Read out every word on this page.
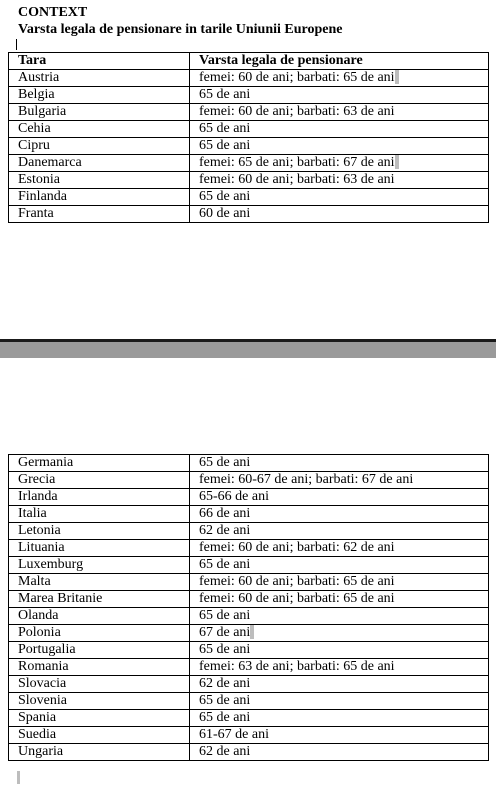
CONTEXT
Varsta legala de pensionare in tarile Uniunii Europene
Tara	Varsta legala de pensionare
Austria	femei: 60 de ani; barbati: 65 de ani
Belgia	65 de ani
Bulgaria	femei: 60 de ani; barbati: 63 de ani
Cehia	65 de ani
Cipru	65 de ani
Danemarca	femei: 65 de ani; barbati: 67 de ani
Estonia	femei: 60 de ani; barbati: 63 de ani
Finlanda	65 de ani
Franta	60 de ani
Germania	65 de ani
Grecia	femei: 60-67 de ani; barbati: 67 de ani
Irlanda	65-66 de ani
Italia	66 de ani
Letonia	62 de ani
Lituania	femei: 60 de ani; barbati: 62 de ani
Luxemburg	65 de ani
Malta	femei: 60 de ani; barbati: 65 de ani
Marea Britanie	femei: 60 de ani; barbati: 65 de ani
Olanda	65 de ani
Polonia	67 de ani
Portugalia	65 de ani
Romania	femei: 63 de ani; barbati: 65 de ani
Slovacia	62 de ani
Slovenia	65 de ani
Spania	65 de ani
Suedia	61-67 de ani
Ungaria	62 de ani
